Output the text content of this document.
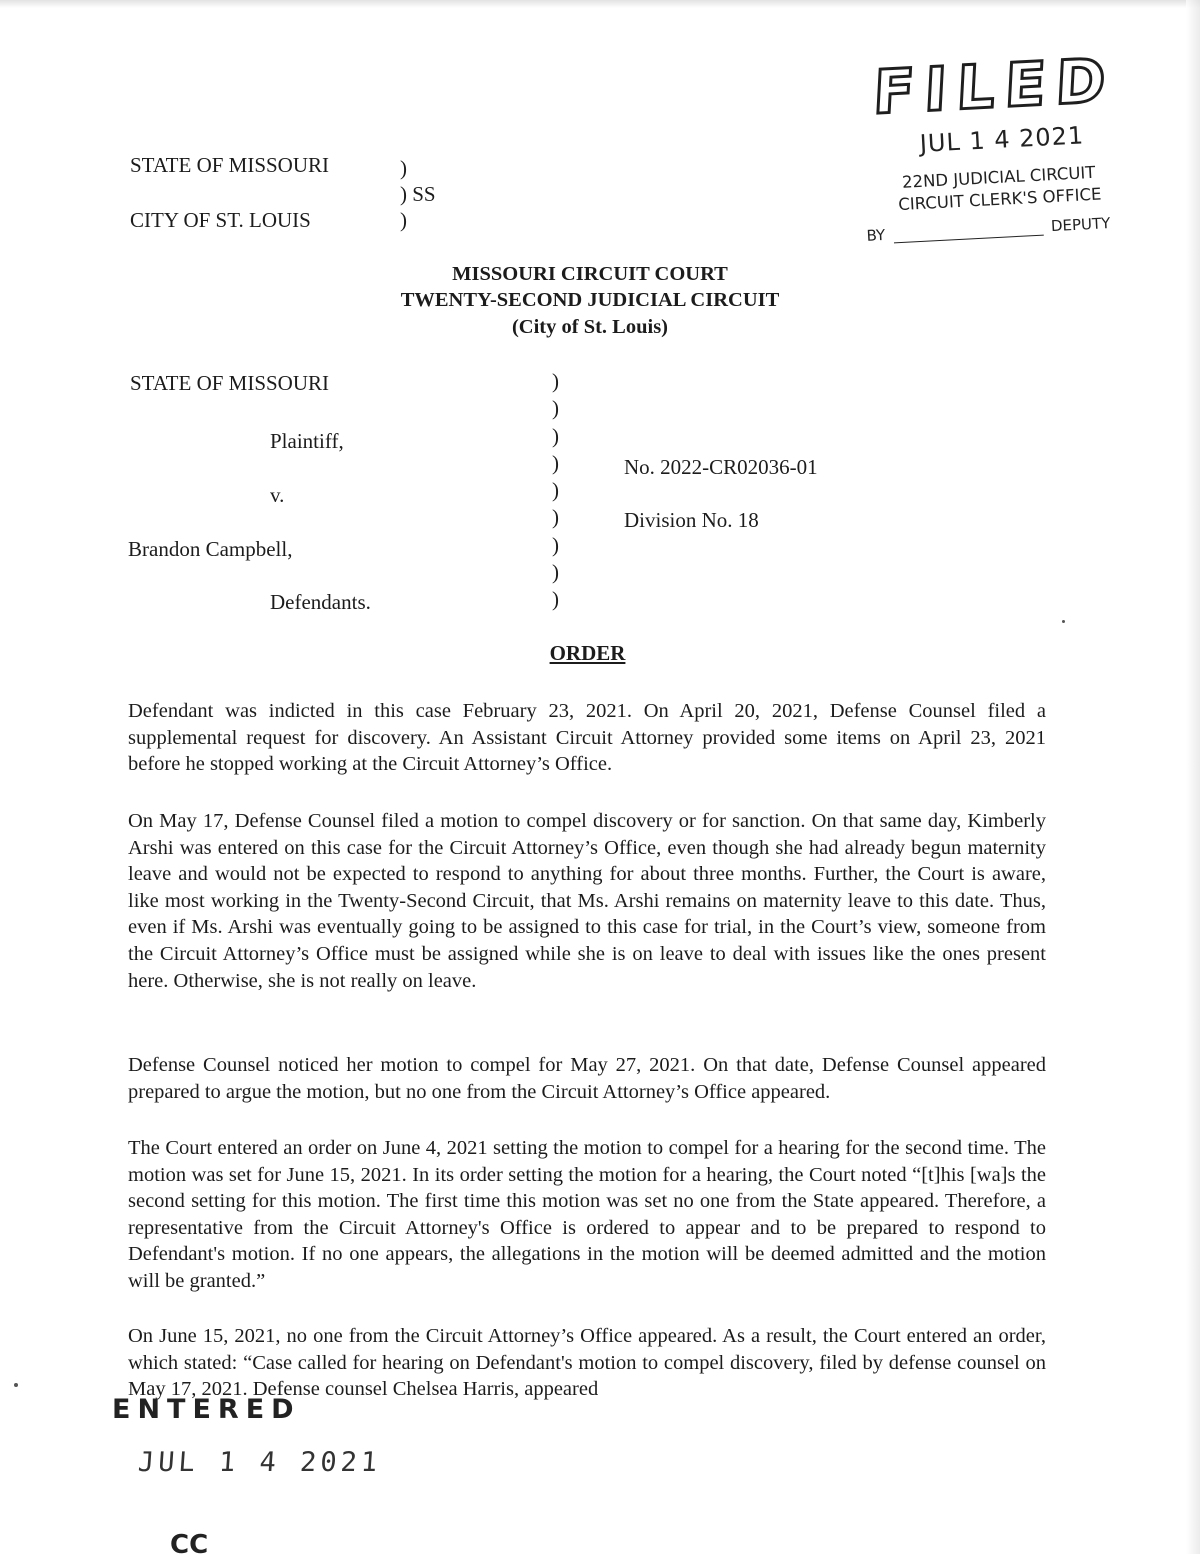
STATE OF MISSOURI
CITY OF ST. LOUIS
)
) SS
)
FILED
JUL 1 4 2021
22ND JUDICIAL CIRCUIT
CIRCUIT CLERK'S OFFICE
BY
DEPUTY
MISSOURI CIRCUIT COURT
TWENTY-SECOND JUDICIAL CIRCUIT
(City of St. Louis)
STATE OF MISSOURI
Plaintiff,
v.
Brandon Campbell,
Defendants.
)
)
)
)
)
)
)
)
)
No. 2022-CR02036-01
Division No. 18
ORDER

Defendant was indicted in this case February 23, 2021. On April 20, 2021, Defense Counsel filed a supplemental request for discovery. An Assistant Circuit Attorney provided some items on April 23, 2021 before he stopped working at the Circuit Attorney’s Office.

On May 17, Defense Counsel filed a motion to compel discovery or for sanction. On that same day, Kimberly Arshi was entered on this case for the Circuit Attorney’s Office, even though she had already begun maternity leave and would not be expected to respond to anything for about three months. Further, the Court is aware, like most working in the Twenty-Second Circuit, that Ms. Arshi remains on maternity leave to this date. Thus, even if Ms. Arshi was eventually going to be assigned to this case for trial, in the Court’s view, someone from the Circuit Attorney’s Office must be assigned while she is on leave to deal with issues like the ones present here. Otherwise, she is not really on leave.

Defense Counsel noticed her motion to compel for May 27, 2021. On that date, Defense Counsel appeared prepared to argue the motion, but no one from the Circuit Attorney’s Office appeared.

The Court entered an order on June 4, 2021 setting the motion to compel for a hearing for the second time. The motion was set for June 15, 2021. In its order setting the motion for a hearing, the Court noted “[t]his [wa]s the second setting for this motion. The first time this motion was set no one from the State appeared. Therefore, a representative from the Circuit Attorney's Office is ordered to appear and to be prepared to respond to Defendant's motion. If no one appears, the allegations in the motion will be deemed admitted and the motion will be granted.”

On June 15, 2021, no one from the Circuit Attorney’s Office appeared. As a result, the Court entered an order, which stated: “Case called for hearing on Defendant's motion to compel discovery, filed by defense counsel on May 17, 2021. Defense counsel Chelsea Harris, appeared

ENTERED
JUL 1 4 2021
CC
